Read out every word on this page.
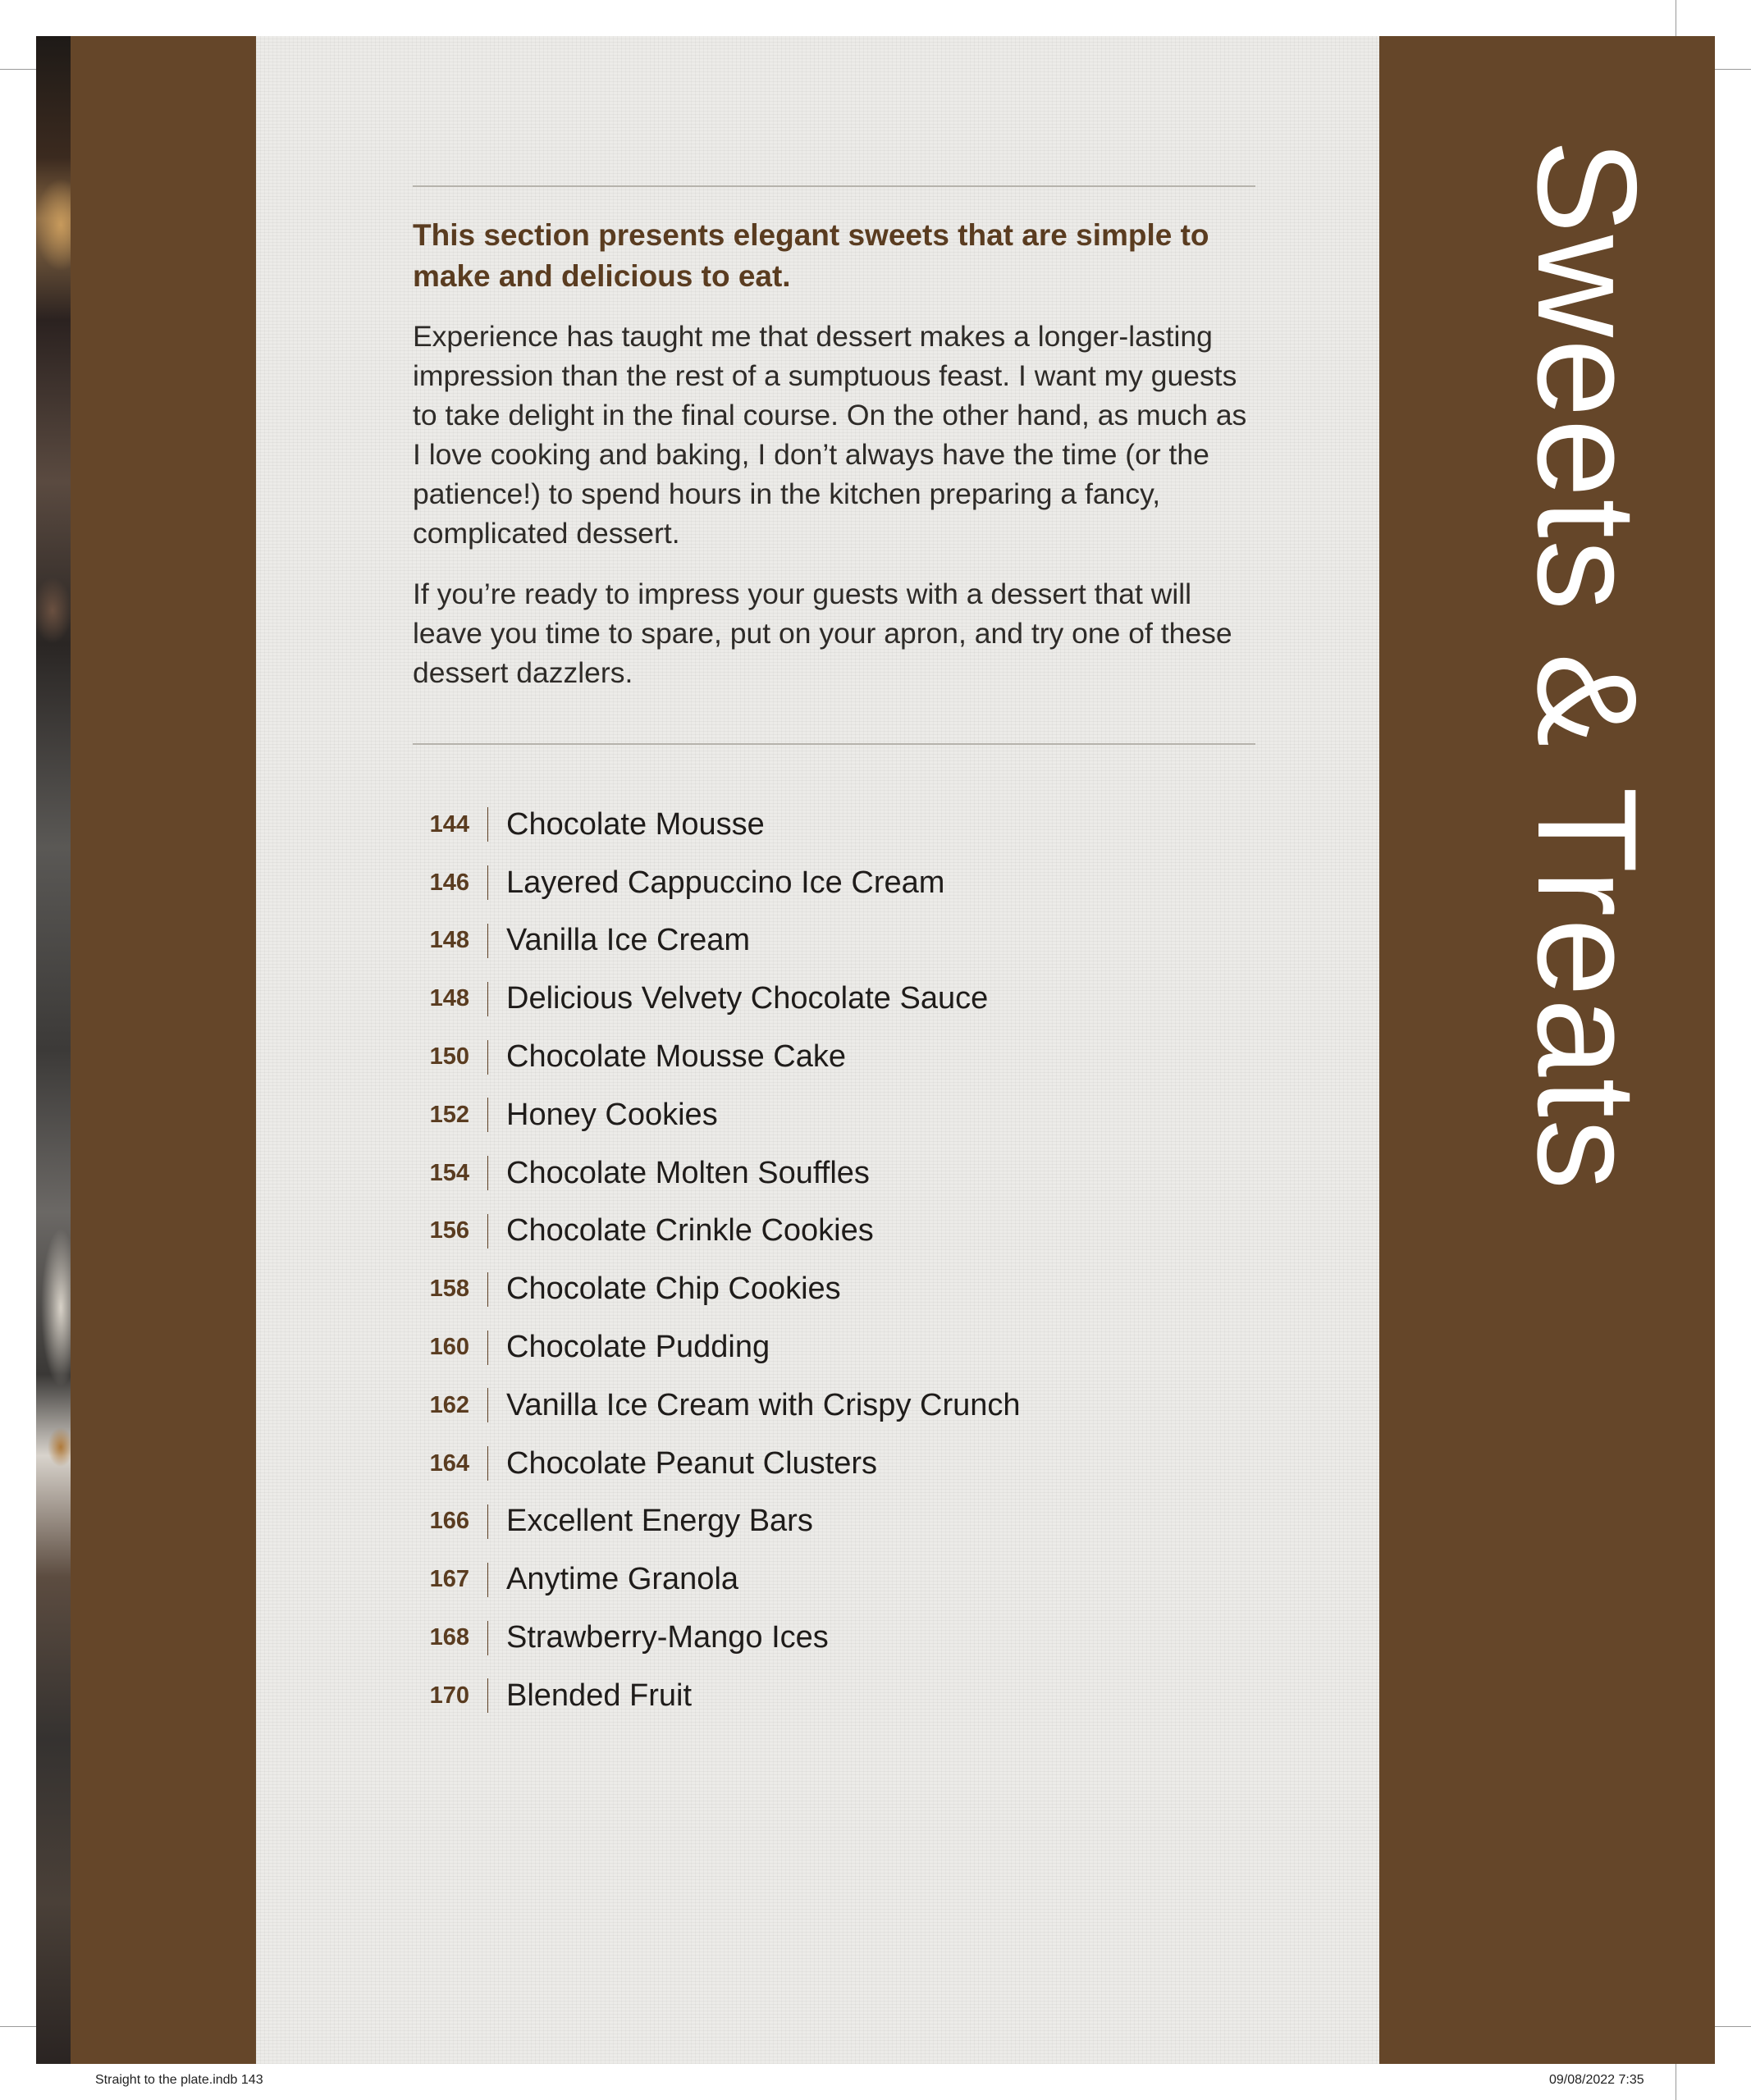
Sweets & Treats

This section presents elegant sweets that are simple to make and delicious to eat.

Experience has taught me that dessert makes a longer-lasting impression than the rest of a sumptuous feast. I want my guests to take delight in the final course. On the other hand, as much as I love cooking and baking, I don’t always have the time (or the patience!) to spend hours in the kitchen preparing a fancy, complicated dessert.

If you’re ready to impress your guests with a dessert that will leave you time to spare, put on your apron, and try one of these dessert dazzlers.

144 Chocolate Mousse
146 Layered Cappuccino Ice Cream
148 Vanilla Ice Cream
148 Delicious Velvety Chocolate Sauce
150 Chocolate Mousse Cake
152 Honey Cookies
154 Chocolate Molten Souffles
156 Chocolate Crinkle Cookies
158 Chocolate Chip Cookies
160 Chocolate Pudding
162 Vanilla Ice Cream with Crispy Crunch
164 Chocolate Peanut Clusters
166 Excellent Energy Bars
167 Anytime Granola
168 Strawberry-Mango Ices
170 Blended Fruit
Straight to the plate.indb 143	09/08/2022 7:35
